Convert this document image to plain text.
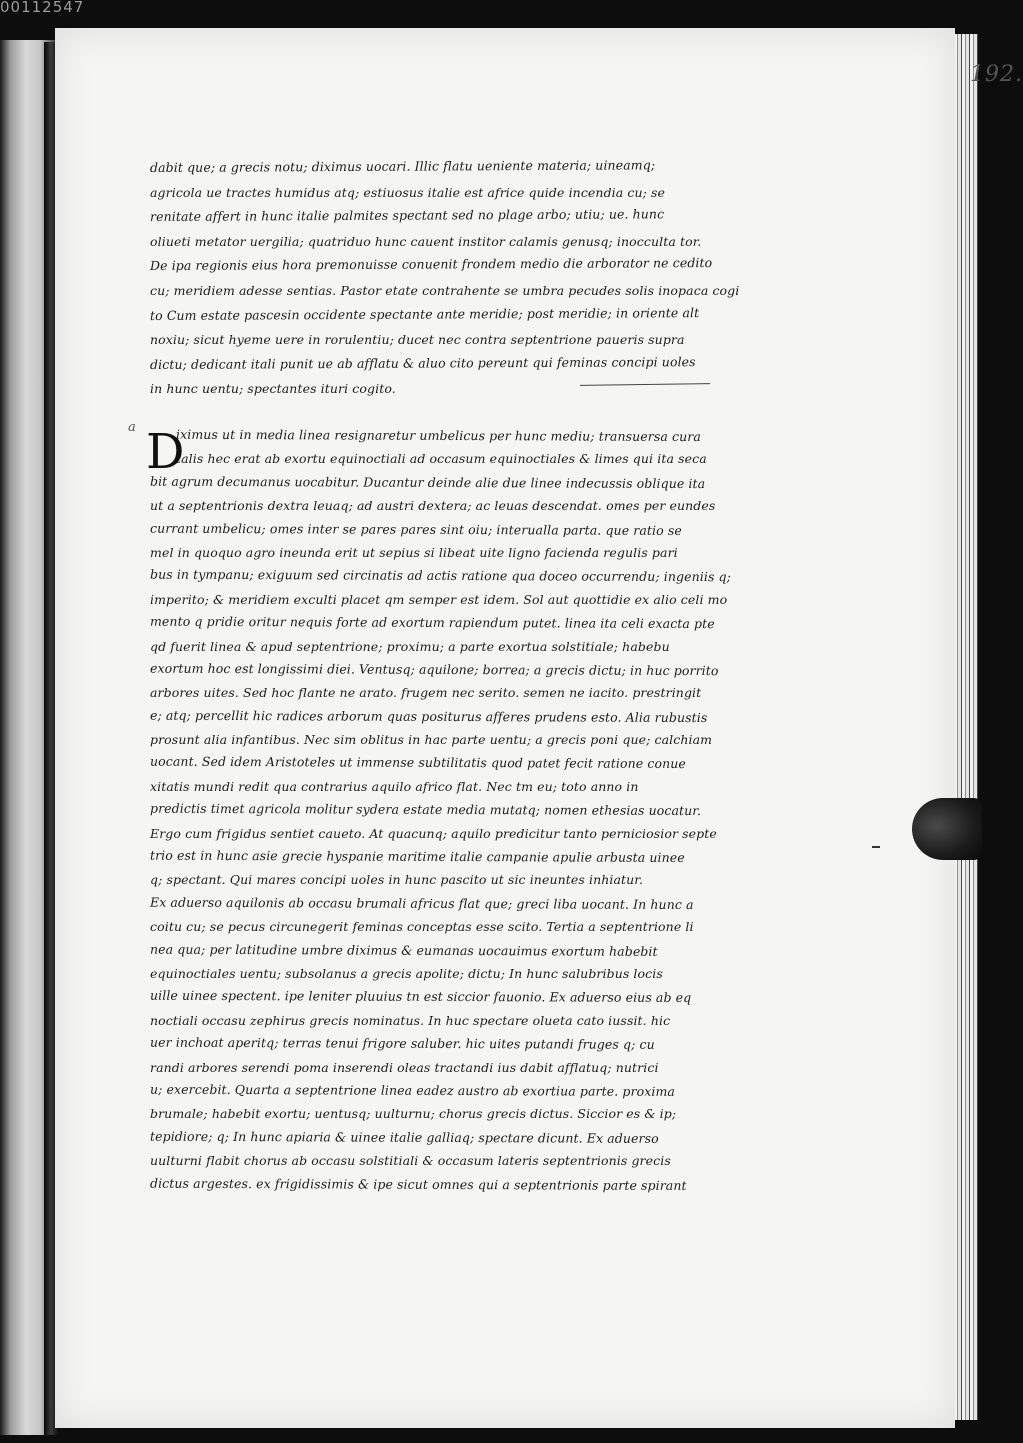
00112547
192.
a
dabit que; a grecis notu; diximus uocari. Illic flatu ueniente materia; uineamq;
agricola ue tractes humidus atq; estiuosus italie est africe quide incendia cu; se
renitate affert in hunc italie palmites spectant sed no plage arbo; utiu; ue. hunc
oliueti metator uergilia; quatriduo hunc cauent institor calamis genusq; inocculta tor.
De ipa regionis eius hora premonuisse conuenit frondem medio die arborator ne cedito
cu; meridiem adesse sentias. Pastor etate contrahente se umbra pecudes solis inopaca cogi
to Cum estate pascesin occidente spectante ante meridie; post meridie; in oriente alt
noxiu; sicut hyeme uere in rorulentiu; ducet nec contra septentrione paueris supra
dictu; dedicant itali punit ue ab afflatu & aluo cito pereunt qui feminas concipi uoles
in hunc uentu; spectantes ituri cogito.
D
iximus ut in media linea resignaretur umbelicus per hunc mediu; transuersa cura
talis hec erat ab exortu equinoctiali ad occasum equinoctiales & limes qui ita seca
bit agrum decumanus uocabitur. Ducantur deinde alie due linee indecussis oblique ita
ut a septentrionis dextra leuaq; ad austri dextera; ac leuas descendat. omes per eundes
currant umbelicu; omes inter se pares pares sint oiu; interualla parta. que ratio se
mel in quoquo agro ineunda erit ut sepius si libeat uite ligno facienda regulis pari
bus in tympanu; exiguum sed circinatis ad actis ratione qua doceo occurrendu; ingeniis q;
imperito; & meridiem exculti placet qm semper est idem. Sol aut quottidie ex alio celi mo
mento q pridie oritur nequis forte ad exortum rapiendum putet. linea ita celi exacta pte
qd fuerit linea & apud septentrione; proximu; a parte exortua solstitiale; habebu
exortum hoc est longissimi diei. Ventusq; aquilone; borrea; a grecis dictu; in huc porrito
arbores uites. Sed hoc flante ne arato. frugem nec serito. semen ne iacito. prestringit
e; atq; percellit hic radices arborum quas positurus afferes prudens esto. Alia rubustis
prosunt alia infantibus. Nec sim oblitus in hac parte uentu; a grecis poni que; calchiam
uocant. Sed idem Aristoteles ut immense subtilitatis quod patet fecit ratione conue
xitatis mundi redit qua contrarius aquilo africo flat. Nec tm eu; toto anno in
predictis timet agricola molitur sydera estate media mutatq; nomen ethesias uocatur.
Ergo cum frigidus sentiet caueto. At quacunq; aquilo predicitur tanto perniciosior septe
trio est in hunc asie grecie hyspanie maritime italie campanie apulie arbusta uinee
q; spectant. Qui mares concipi uoles in hunc pascito ut sic ineuntes inhiatur.
Ex aduerso aquilonis ab occasu brumali africus flat que; greci liba uocant. In hunc a
coitu cu; se pecus circunegerit feminas conceptas esse scito. Tertia a septentrione li
nea qua; per latitudine umbre diximus & eumanas uocauimus exortum habebit
equinoctiales uentu; subsolanus a grecis apolite; dictu; In hunc salubribus locis
uille uinee spectent. ipe leniter pluuius tn est siccior fauonio. Ex aduerso eius ab eq
noctiali occasu zephirus grecis nominatus. In huc spectare olueta cato iussit. hic
uer inchoat aperitq; terras tenui frigore saluber. hic uites putandi fruges q; cu
randi arbores serendi poma inserendi oleas tractandi ius dabit afflatuq; nutrici
u; exercebit. Quarta a septentrione linea eadez austro ab exortiua parte. proxima
brumale; habebit exortu; uentusq; uulturnu; chorus grecis dictus. Siccior es & ip;
tepidiore; q; In hunc apiaria & uinee italie galliaq; spectare dicunt. Ex aduerso
uulturni flabit chorus ab occasu solstitiali & occasum lateris septentrionis grecis
dictus argestes. ex frigidissimis & ipe sicut omnes qui a septentrionis parte spirant
